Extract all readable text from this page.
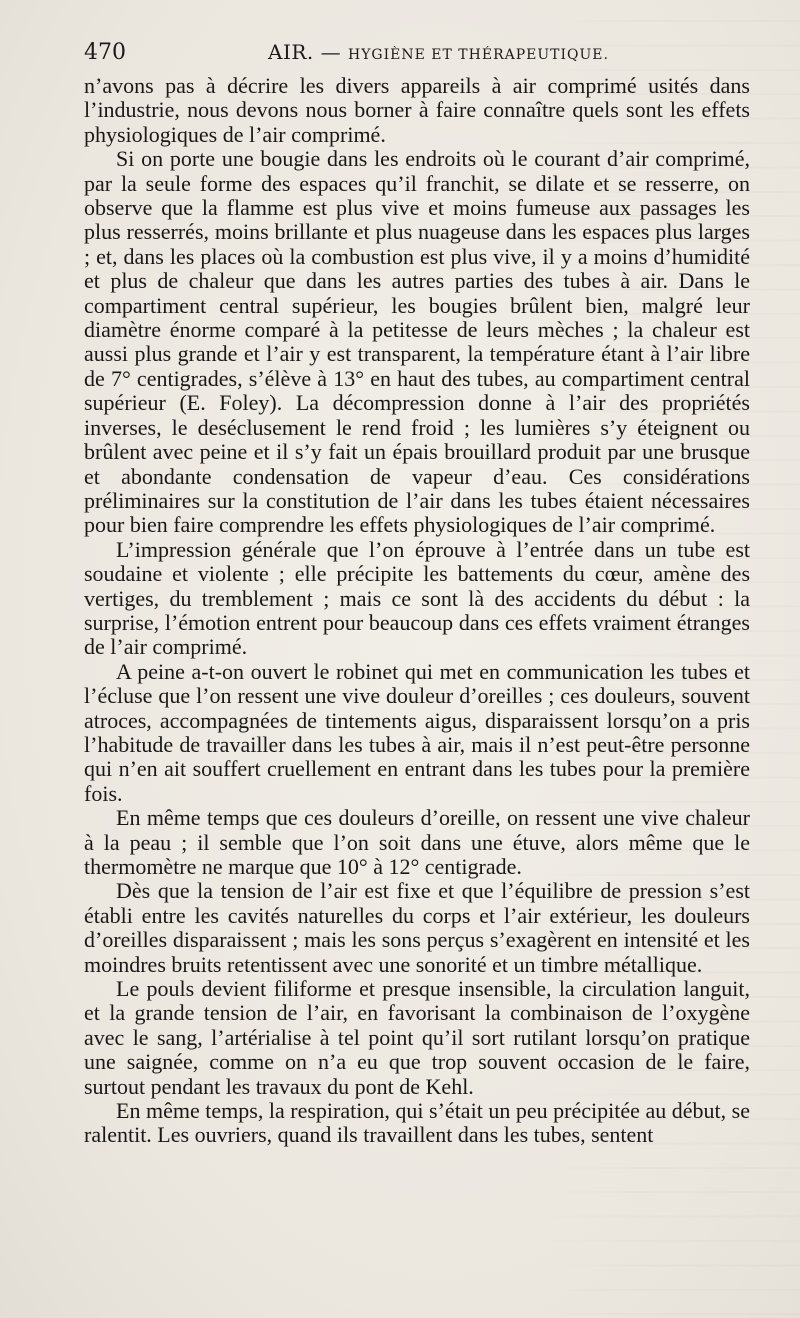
470	AIR. — HYGIÈNE ET THÉRAPEUTIQUE.

n’avons pas à décrire les divers appareils à air comprimé usités dans l’industrie, nous devons nous borner à faire connaître quels sont les effets physiologiques de l’air comprimé.

Si on porte une bougie dans les endroits où le courant d’air comprimé, par la seule forme des espaces qu’il franchit, se dilate et se resserre, on observe que la flamme est plus vive et moins fumeuse aux passages les plus resserrés, moins brillante et plus nuageuse dans les espaces plus larges ; et, dans les places où la combustion est plus vive, il y a moins d’humidité et plus de chaleur que dans les autres parties des tubes à air. Dans le compartiment central supérieur, les bougies brûlent bien, malgré leur diamètre énorme comparé à la petitesse de leurs mèches ; la chaleur est aussi plus grande et l’air y est transparent, la température étant à l’air libre de 7° centigrades, s’élève à 13° en haut des tubes, au compartiment central supérieur (E. Foley). La décompression donne à l’air des propriétés inverses, le deséclusement le rend froid ; les lumières s’y éteignent ou brûlent avec peine et il s’y fait un épais brouillard produit par une brusque et abondante condensation de vapeur d’eau. Ces considérations préliminaires sur la constitution de l’air dans les tubes étaient nécessaires pour bien faire comprendre les effets physiologiques de l’air comprimé.

L’impression générale que l’on éprouve à l’entrée dans un tube est soudaine et violente ; elle précipite les battements du cœur, amène des vertiges, du tremblement ; mais ce sont là des accidents du début : la surprise, l’émotion entrent pour beaucoup dans ces effets vraiment étranges de l’air comprimé.

A peine a-t-on ouvert le robinet qui met en communication les tubes et l’écluse que l’on ressent une vive douleur d’oreilles ; ces douleurs, souvent atroces, accompagnées de tintements aigus, disparaissent lorsqu’on a pris l’habitude de travailler dans les tubes à air, mais il n’est peut-être personne qui n’en ait souffert cruellement en entrant dans les tubes pour la première fois.

En même temps que ces douleurs d’oreille, on ressent une vive chaleur à la peau ; il semble que l’on soit dans une étuve, alors même que le thermomètre ne marque que 10° à 12° centigrade.

Dès que la tension de l’air est fixe et que l’équilibre de pression s’est établi entre les cavités naturelles du corps et l’air extérieur, les douleurs d’oreilles disparaissent ; mais les sons perçus s’exagèrent en intensité et les moindres bruits retentissent avec une sonorité et un timbre métallique.

Le pouls devient filiforme et presque insensible, la circulation languit, et la grande tension de l’air, en favorisant la combinaison de l’oxygène avec le sang, l’artérialise à tel point qu’il sort rutilant lorsqu’on pratique une saignée, comme on n’a eu que trop souvent occasion de le faire, surtout pendant les travaux du pont de Kehl.

En même temps, la respiration, qui s’était un peu précipitée au début, se ralentit. Les ouvriers, quand ils travaillent dans les tubes, sentent
